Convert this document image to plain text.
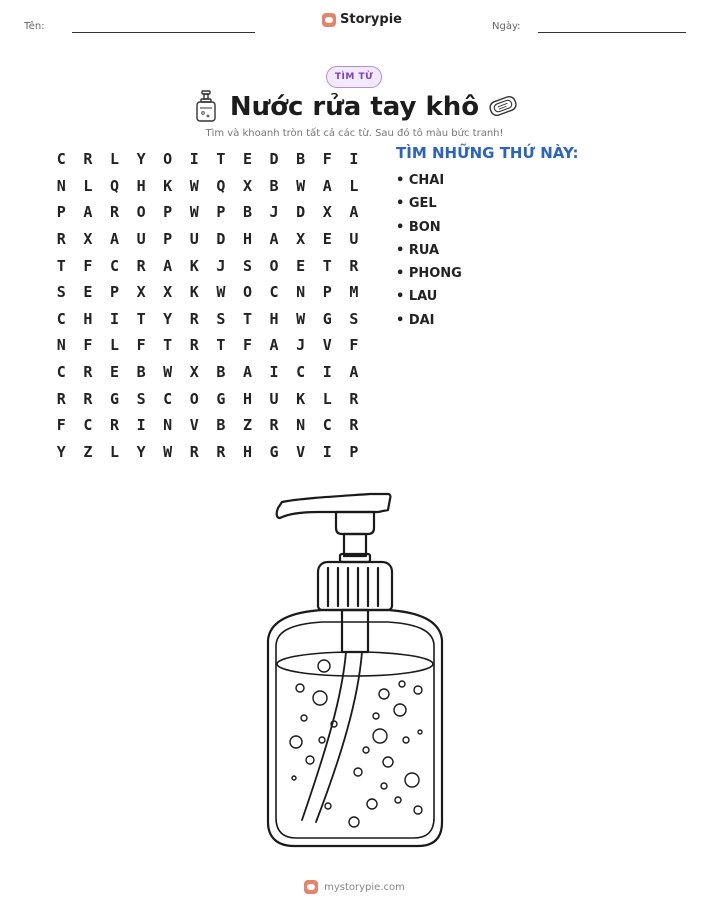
Tên:	Storypie	Ngày:
TÌM TỪ
Nước rửa tay khô
Tìm và khoanh tròn tất cả các từ. Sau đó tô màu bức tranh!
C	R	L	Y	O	I	T	E	D	B	F	I
N	L	Q	H	K	W	Q	X	B	W	A	L
P	A	R	O	P	W	P	B	J	D	X	A
R	X	A	U	P	U	D	H	A	X	E	U
T	F	C	R	A	K	J	S	O	E	T	R
S	E	P	X	X	K	W	O	C	N	P	M
C	H	I	T	Y	R	S	T	H	W	G	S
N	F	L	F	T	R	T	F	A	J	V	F
C	R	E	B	W	X	B	A	I	C	I	A
R	R	G	S	C	O	G	H	U	K	L	R
F	C	R	I	N	V	B	Z	R	N	C	R
Y	Z	L	Y	W	R	R	H	G	V	I	P
TÌM NHỮNG THỨ NÀY:
• CHAI
• GEL
• BON
• RUA
• PHONG
• LAU
• DAI
mystorypie.com
